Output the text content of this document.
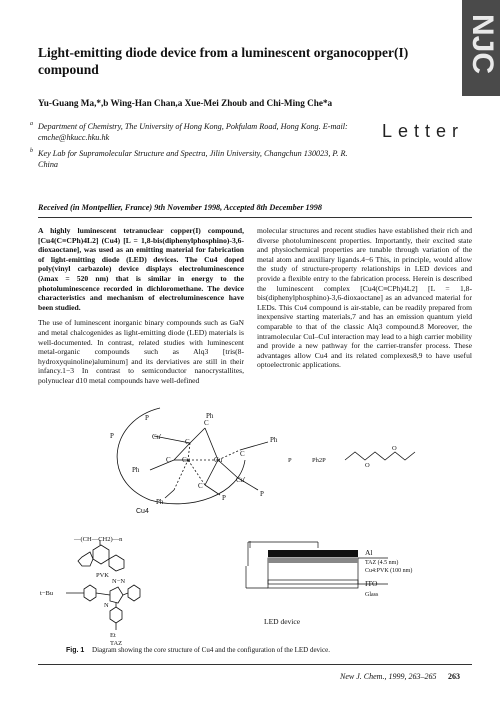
NJC
Light-emitting diode device from a luminescent organocopper(I) compound
Yu-Guang Ma,*,b Wing-Han Chan,a Xue-Mei Zhoub and Chi-Ming Che*a
a Department of Chemistry, The University of Hong Kong, Pokfulam Road, Hong Kong. E-mail: cmche@hkucc.hku.hk
b Key Lab for Supramolecular Structure and Spectra, Jilin University, Changchun 130023, P. R. China
Letter
Received (in Montpellier, France) 9th November 1998, Accepted 8th December 1998

A highly luminescent tetranuclear copper(I) compound, [Cu4(C≡CPh)4L2] (Cu4) [L = 1,8-bis(diphenylphosphino)-3,6-dioxaoctane], was used as an emitting material for fabrication of light-emitting diode (LED) devices. The Cu4 doped poly(vinyl carbazole) device displays electroluminescence (λmax = 520 nm) that is similar in energy to the photoluminescence recorded in dichloromethane. The device characteristics and mechanism of electroluminescence have been studied.

The use of luminescent inorganic binary compounds such as GaN and metal chalcogenides as light-emitting diode (LED) materials is well-documented. In contrast, related studies with luminescent metal-organic compounds such as Alq3 [tris(8-hydroxyquinoline)aluminum] and its derviatives are still in their infancy.1−3 In contrast to semiconductor nanocrystallites, polynuclear d10 metal compounds have well-defined

molecular structures and recent studies have established their rich and diverse photoluminescent properties. Importantly, their excited state and physiochemical properties are tunable through variation of the metal atom and auxiliary ligands.4−6 This, in principle, would allow the study of structure-property relationships in LED devices and provide a flexible entry to the fabrication process. Herein is described the luminescent complex [Cu4(C≡CPh)4L2] [L = 1,8-bis(diphenylphosphino)-3,6-dioxaoctane] as an advanced material for LEDs. This Cu4 compound is air-stable, can be readily prepared from inexpensive starting materials,7 and has an emission quantum yield comparable to that of the classic Alq3 compound.8 Moreover, the intramolecular CuI–CuI interaction may lead to a high carrier mobility and provide a new pathway for the carrier-transfer process. These advantages allow Cu4 and its related complexes8,9 to have useful optoelectronic applications.

P	Ph
P	Cu'
C
C
Ph
Ph
C Cu	Cu
C
C
Cu'
Ph
P
P
P	Ph2P
O
O
Cu4
—(CH—CH2)—n
PVK
N−N
t−Bu
N
Et
TAZ
Al
TAZ (4.5 nm)
Cu4:PVK (100 nm)
ITO
Glass
LED device
Fig. 1 Diagram showing the core structure of Cu4 and the configuration of the LED device.
New J. Chem., 1999, 263–265 263
